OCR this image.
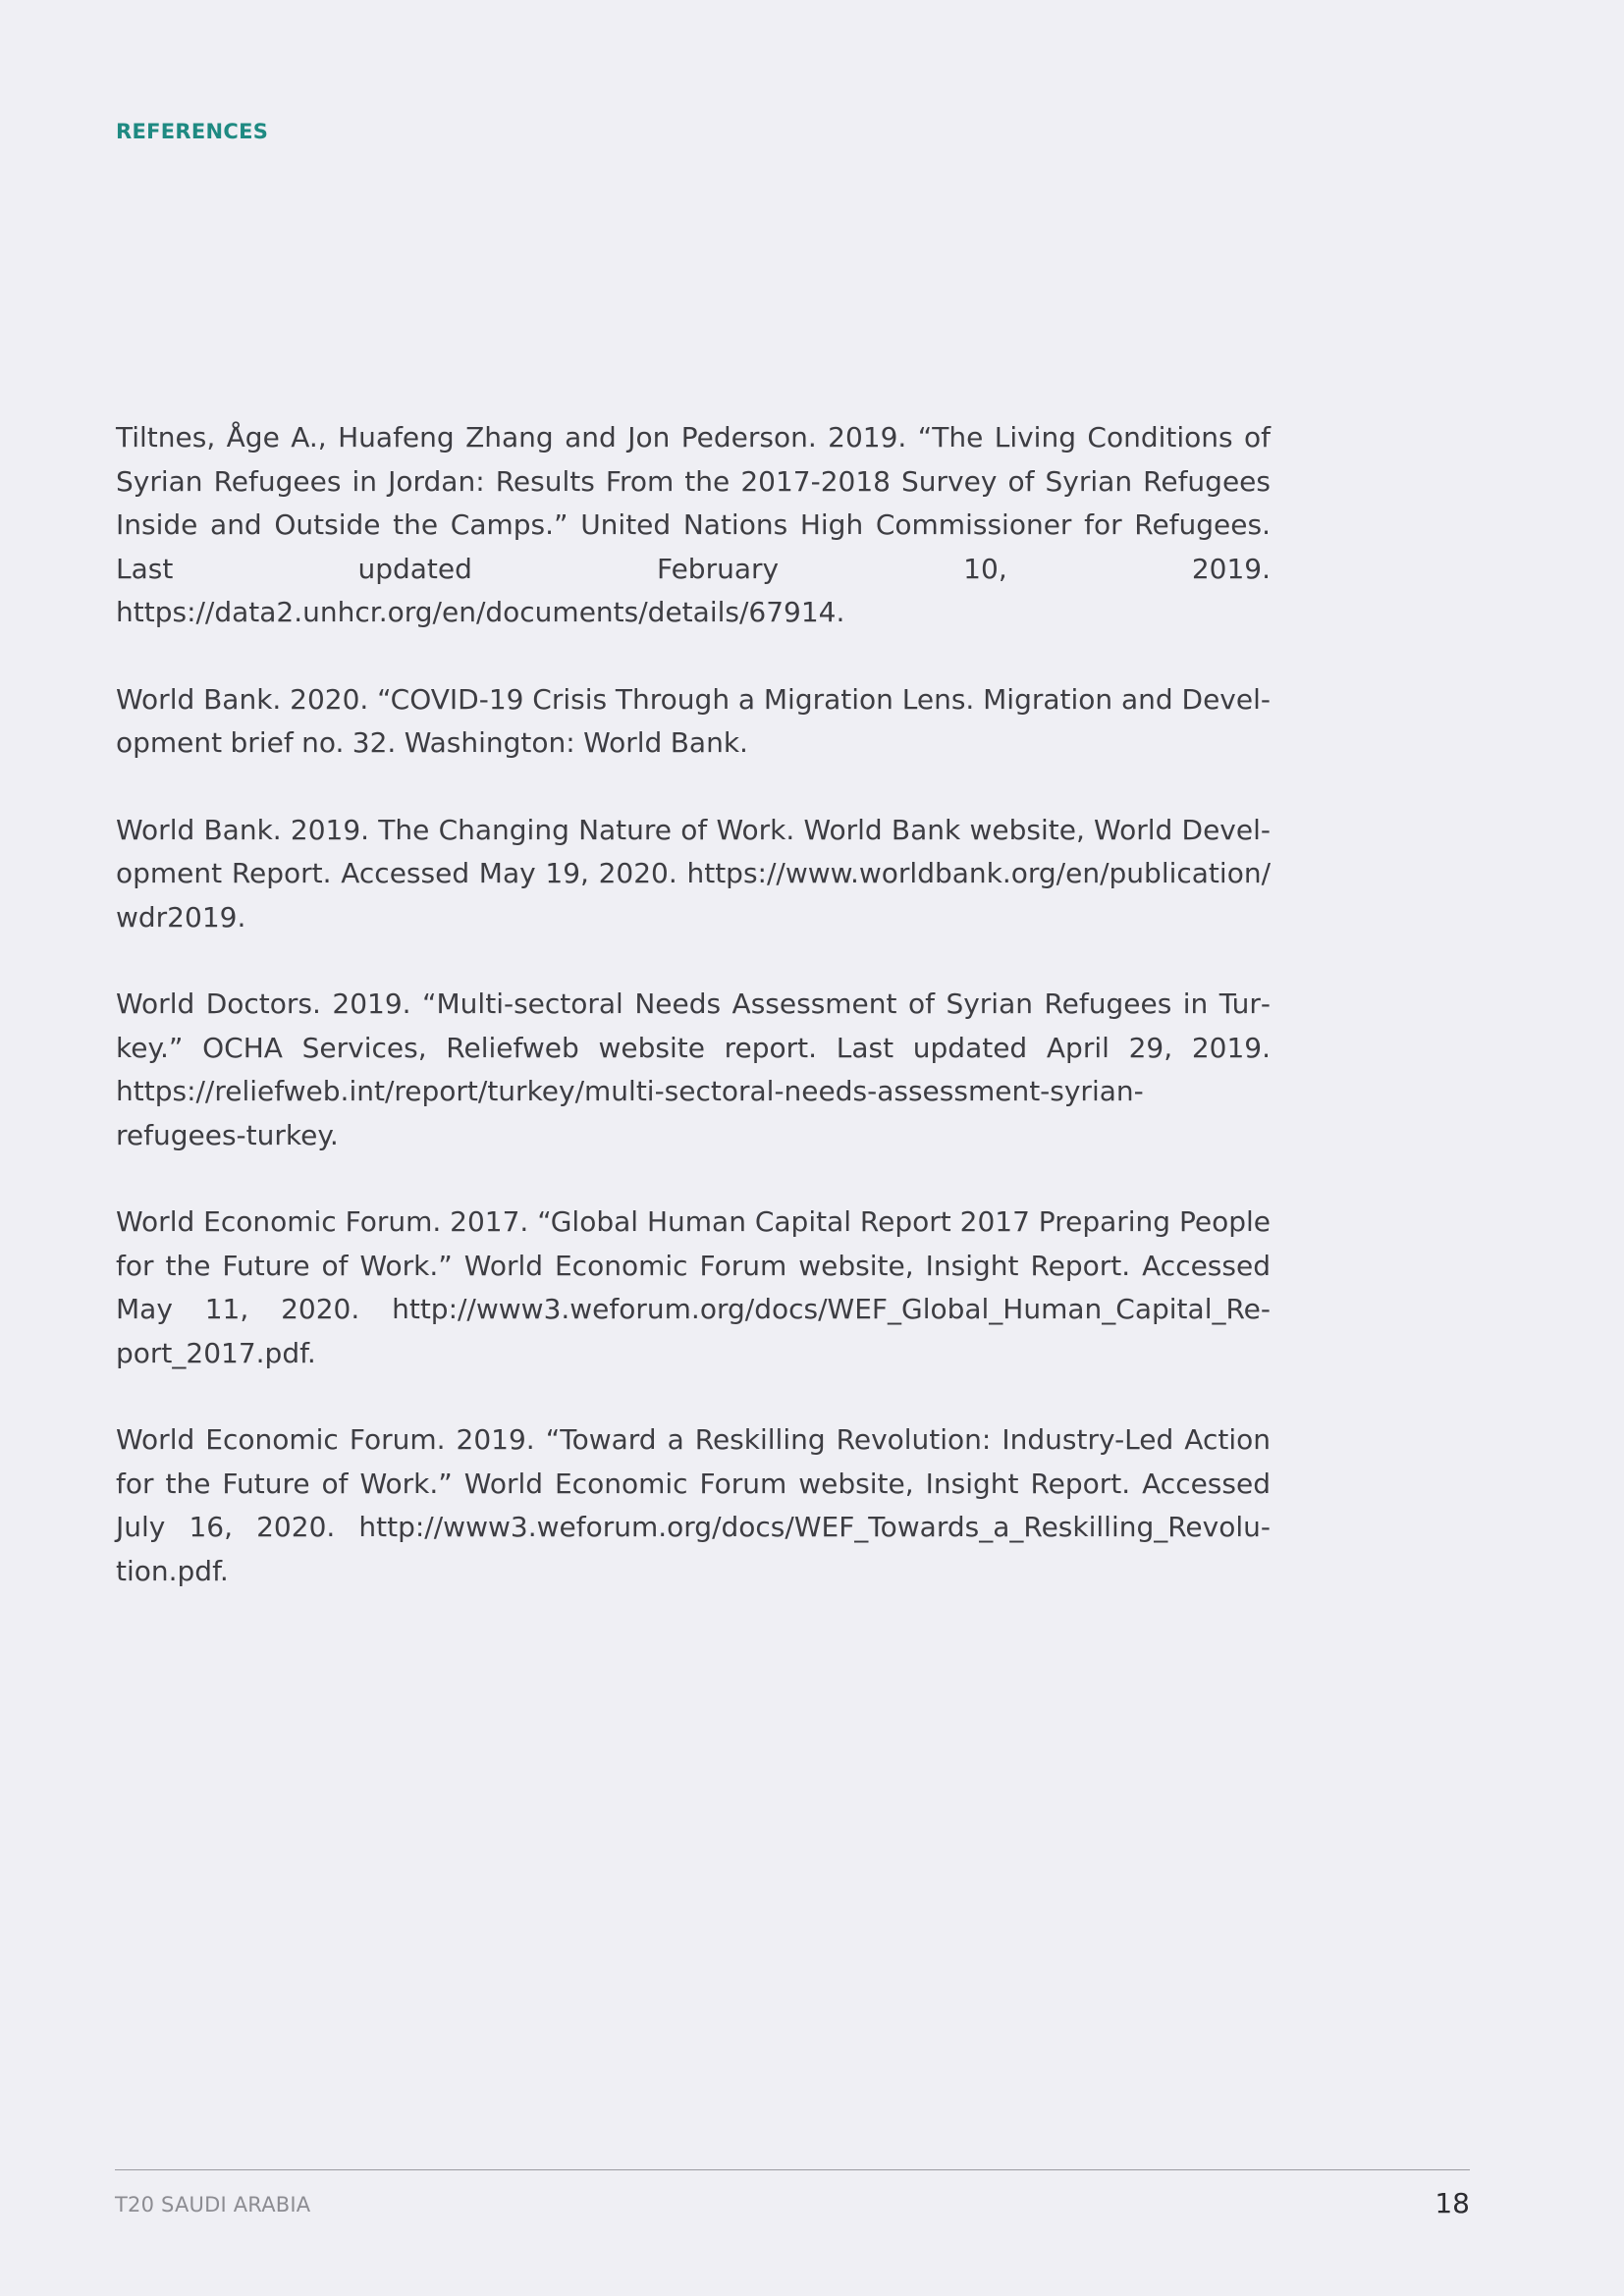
REFERENCES

Tiltnes, Åge A., Huafeng Zhang and Jon Pederson. 2019. “The Living Conditions of Syrian Refugees in Jordan: Results From the 2017-2018 Survey of Syrian Refugees Inside and Outside the Camps.” United Nations High Commissioner for Refugees. Last updated February 10, 2019. https://data2.unhcr.org/en/documents/details/67914.

World Bank. 2020. “COVID-19 Crisis Through a Migration Lens. Migration and Development brief no. 32. Washington: World Bank.

World Bank. 2019. The Changing Nature of Work. World Bank website, World Development Report. Accessed May 19, 2020. https://www.worldbank.org/en/publication/ wdr2019.

World Doctors. 2019. “Multi-sectoral Needs Assessment of Syrian Refugees in Turkey.” OCHA Services, Reliefweb website report. Last updated April 29, 2019. https://reliefweb.int/report/turkey/multi-sectoral-needs-assessment-syrian-refugees-turkey.

World Economic Forum. 2017. “Global Human Capital Report 2017 Preparing People for the Future of Work.” World Economic Forum website, Insight Report. Accessed May 11, 2020. http://www3.weforum.org/docs/WEF_Global_Human_Capital_Report_2017.pdf.

World Economic Forum. 2019. “Toward a Reskilling Revolution: Industry-Led Action for the Future of Work.” World Economic Forum website, Insight Report. Accessed July 16, 2020. http://www3.weforum.org/docs/WEF_Towards_a_Reskilling_Revolution.pdf.

T20 SAUDI ARABIA	18
